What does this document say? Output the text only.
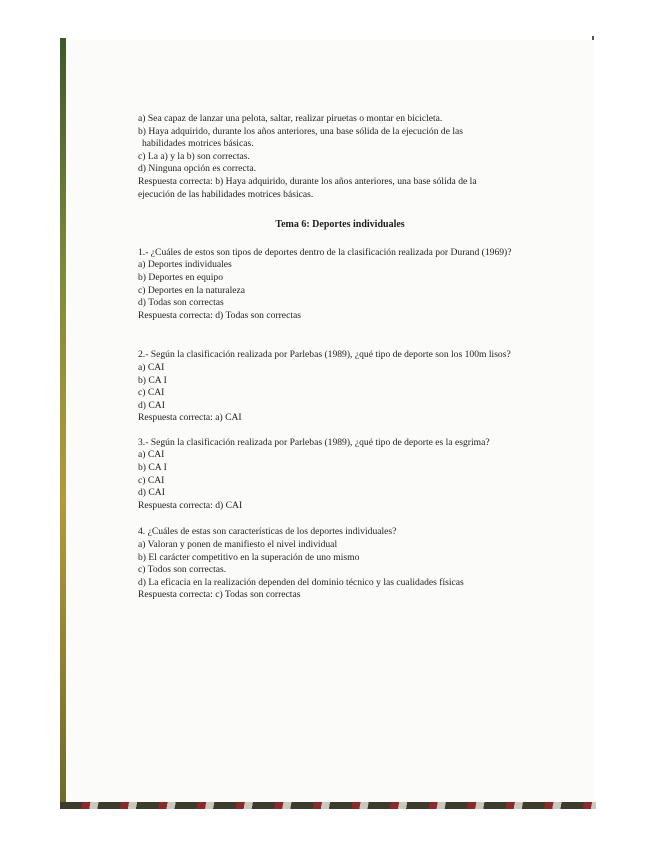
a) Sea capaz de lanzar una pelota, saltar, realizar piruetas o montar en bicicleta.
b) Haya adquirido, durante los años anteriores, una base sólida de la ejecución de las
habilidades motrices básicas.
c) La a) y la b) son correctas.
d) Ninguna opción es correcta.
Respuesta correcta: b) Haya adquirido, durante los años anteriores, una base sólida de la
ejecución de las habilidades motrices básicas.
Tema 6: Deportes individuales
1.- ¿Cuáles de estos son tipos de deportes dentro de la clasificación realizada por Durand (1969)?
a) Deportes individuales
b) Deportes en equipo
c) Deportes en la naturaleza
d) Todas son correctas
Respuesta correcta: d) Todas son correctas
2.- Según la clasificación realizada por Parlebas (1989), ¿qué tipo de deporte son los 100m lisos?
a) CAI
b) CA I
c) CAI
d) CAI
Respuesta correcta: a) CAI
3.- Según la clasificación realizada por Parlebas (1989), ¿qué tipo de deporte es la esgrima?
a) CAI
b) CA I
c) CAI
d) CAI
Respuesta correcta: d) CAI
4. ¿Cuáles de estas son características de los deportes individuales?
a) Valoran y ponen de manifiesto el nivel individual
b) El carácter competitivo en la superación de uno mismo
c) Todos son correctas.
d) La eficacia en la realización dependen del dominio técnico y las cualidades físicas
Respuesta correcta: c) Todas son correctas
